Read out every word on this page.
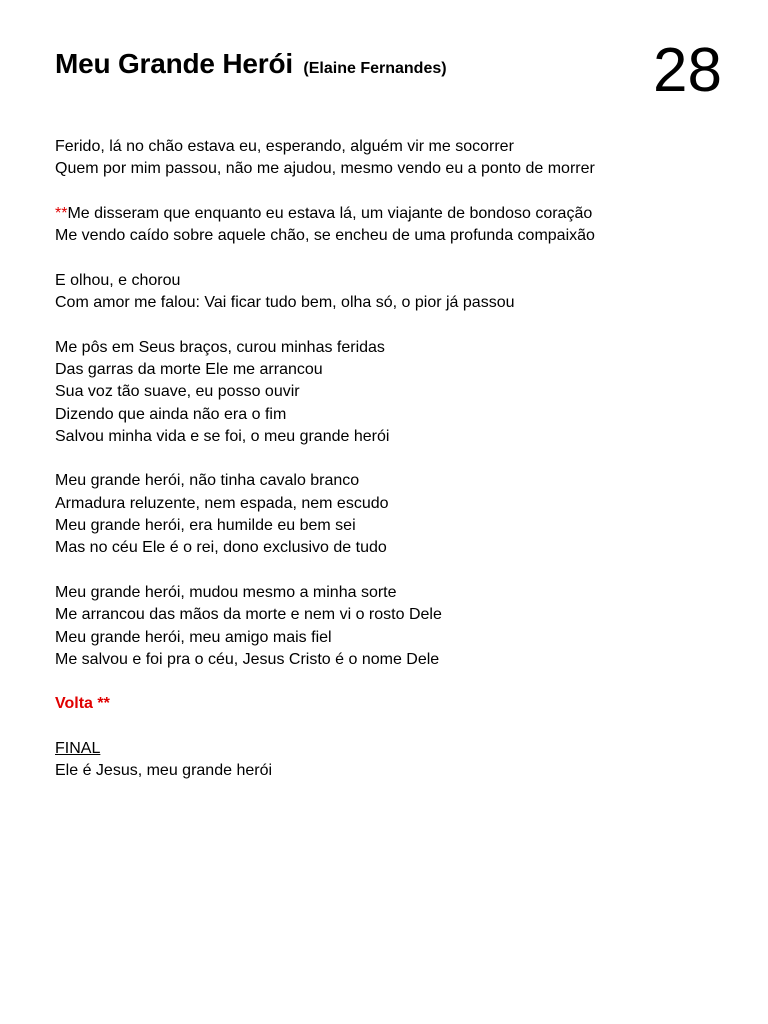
Meu Grande Herói (Elaine Fernandes)	28
Ferido, lá no chão estava eu, esperando, alguém vir me socorrer
Quem por mim passou, não me ajudou, mesmo vendo eu a ponto de morrer
**Me disseram que enquanto eu estava lá, um viajante de bondoso coração
Me vendo caído sobre aquele chão, se encheu de uma profunda compaixão
E olhou, e chorou
Com amor me falou: Vai ficar tudo bem, olha só, o pior já passou
Me pôs em Seus braços, curou minhas feridas
Das garras da morte Ele me arrancou
Sua voz tão suave, eu posso ouvir
Dizendo que ainda não era o fim
Salvou minha vida e se foi, o meu grande herói
Meu grande herói, não tinha cavalo branco
Armadura reluzente, nem espada, nem escudo
Meu grande herói, era humilde eu bem sei
Mas no céu Ele é o rei, dono exclusivo de tudo
Meu grande herói, mudou mesmo a minha sorte
Me arrancou das mãos da morte e nem vi o rosto Dele
Meu grande herói, meu amigo mais fiel
Me salvou e foi pra o céu, Jesus Cristo é o nome Dele
Volta **
FINAL
Ele é Jesus, meu grande herói
